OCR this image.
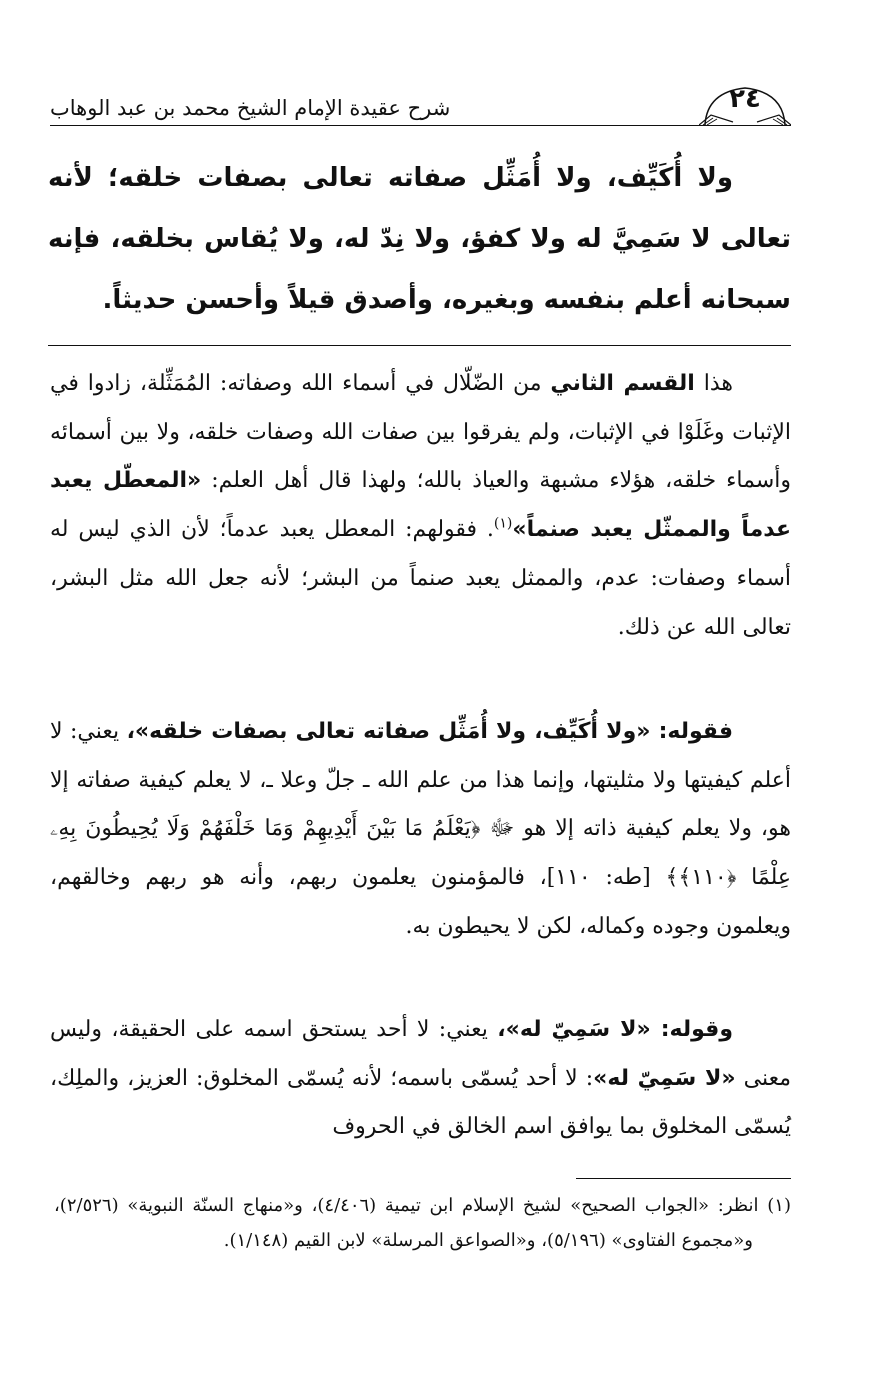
٢٤
شرح عقيدة الإمام الشيخ محمد بن عبد الوهاب
ولا أُكَيِّف، ولا أُمَثِّل صفاته تعالى بصفات خلقه؛ لأنه تعالى لا سَمِيَّ له ولا كفؤ، ولا نِدّ له، ولا يُقاس بخلقه، فإنه سبحانه أعلم بنفسه وبغيره، وأصدق قيلاً وأحسن حديثاً.
هذا القسم الثاني من الضّلّال في أسماء الله وصفاته: المُمَثِّلة، زادوا في الإثبات وغَلَوْا في الإثبات، ولم يفرقوا بين صفات الله وصفات خلقه، ولا بين أسمائه وأسماء خلقه، هؤلاء مشبهة والعياذ بالله؛ ولهذا قال أهل العلم: «المعطّل يعبد عدماً والممثّل يعبد صنماً»$^{(١)}$. فقولهم: المعطل يعبد عدماً؛ لأن الذي ليس له أسماء وصفات: عدم، والممثل يعبد صنماً من البشر؛ لأنه جعل الله مثل البشر، تعالى الله عن ذلك.
فقوله: «ولا أُكَيِّف، ولا أُمَثِّل صفاته تعالى بصفات خلقه»، يعني: لا أعلم كيفيتها ولا مثليتها، وإنما هذا من علم الله ـ جلّ وعلا ـ، لا يعلم كيفية صفاته إلا هو، ولا يعلم كيفية ذاته إلا هو ﷻ ﴿يَعْلَمُ مَا بَيْنَ أَيْدِيهِمْ وَمَا خَلْفَهُمْ وَلَا يُحِيطُونَ بِهِۦ عِلْمًا ﴿١١٠﴾﴾ [طه: ١١٠]، فالمؤمنون يعلمون ربهم، وأنه هو ربهم وخالقهم، ويعلمون وجوده وكماله، لكن لا يحيطون به.
وقوله: «لا سَمِيّ له»، يعني: لا أحد يستحق اسمه على الحقيقة، وليس معنى «لا سَمِيّ له»: لا أحد يُسمّى باسمه؛ لأنه يُسمّى المخلوق: العزيز، والملِك، يُسمّى المخلوق بما يوافق اسم الخالق في الحروف
(١) انظر: «الجواب الصحيح» لشيخ الإسلام ابن تيمية (٤/٤٠٦)، و«منهاج السنّة النبوية» (٢/٥٢٦)، و«مجموع الفتاوى» (٥/١٩٦)، و«الصواعق المرسلة» لابن القيم (١/١٤٨).
